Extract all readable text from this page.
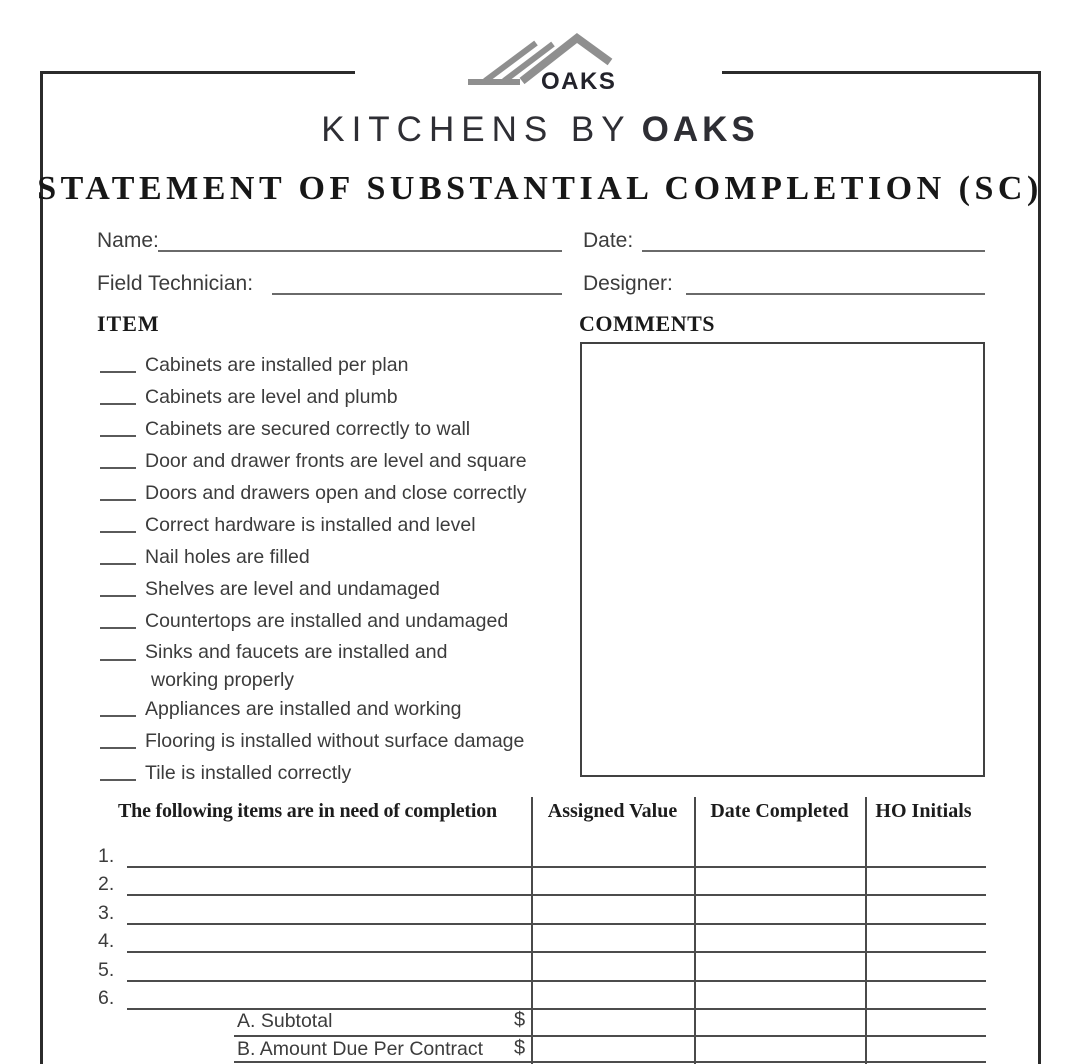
OAKS
KITCHENS BY OAKS
STATEMENT OF SUBSTANTIAL COMPLETION (SC)
Name:	Date:
Field Technician:	Designer:
ITEM
Cabinets are installed per plan
Cabinets are level and plumb
Cabinets are secured correctly to wall
Door and drawer fronts are level and square
Doors and drawers open and close correctly
Correct hardware is installed and level
Nail holes are filled
Shelves are level and undamaged
Countertops are installed and undamaged
Sinks and faucets are installed and
working properly
Appliances are installed and working
Flooring is installed without surface damage
Tile is installed correctly
COMMENTS
The following items are in need of completion	Assigned Value	Date Completed	HO Initials
1.
2.
3.
4.
5.
6.
A. Subtotal	$
B. Amount Due Per Contract $
